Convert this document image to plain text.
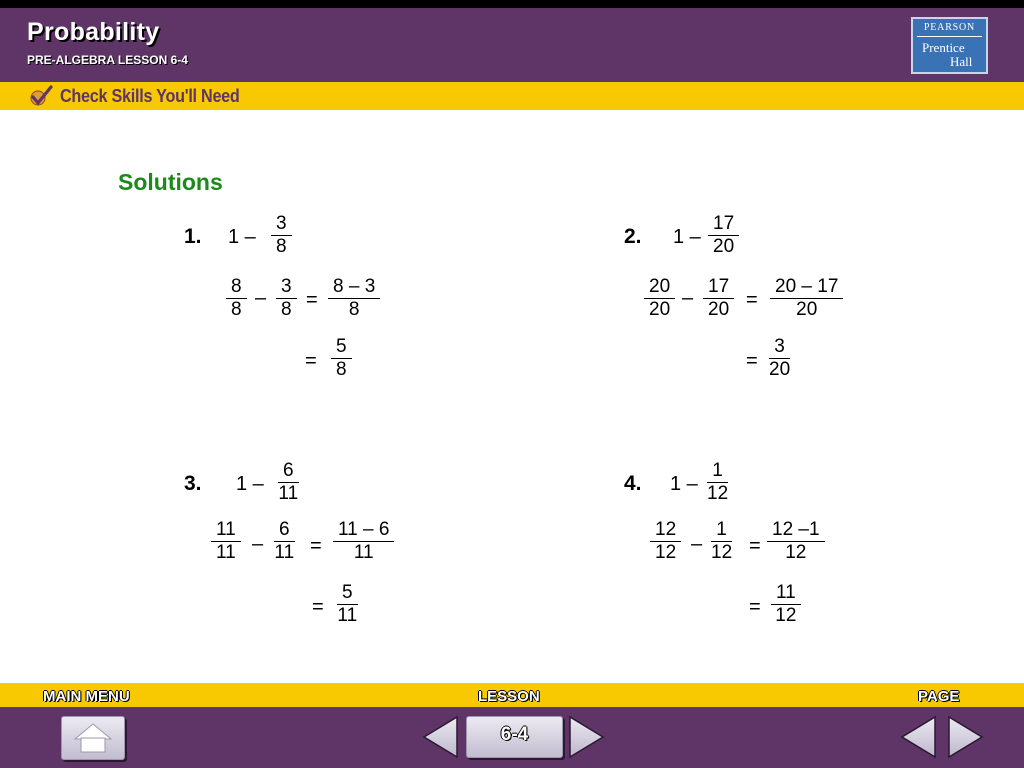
Probability
PRE-ALGEBRA LESSON 6-4
PEARSON
Prentice
Hall
Check Skills You'll Need
Solutions
1. $1 - \frac{3}{8}$
$\frac{8}{8} - \frac{3}{8} = \frac{8 - 3}{8}$
= $\frac{5}{8}$
2. $1 - \frac{17}{20}$
$\frac{20}{20} - \frac{17}{20} = \frac{20 - 17}{20}$
= $\frac{3}{20}$
3. $1 - \frac{6}{11}$
$\frac{11}{11} - \frac{6}{11} = \frac{11 - 6}{11}$
= $\frac{5}{11}$
4. $1 - \frac{1}{12}$
$\frac{12}{12} - \frac{1}{12} = \frac{12 -1}{12}$
= $\frac{11}{12}$
MAIN MENU	LESSON	PAGE
6-4
